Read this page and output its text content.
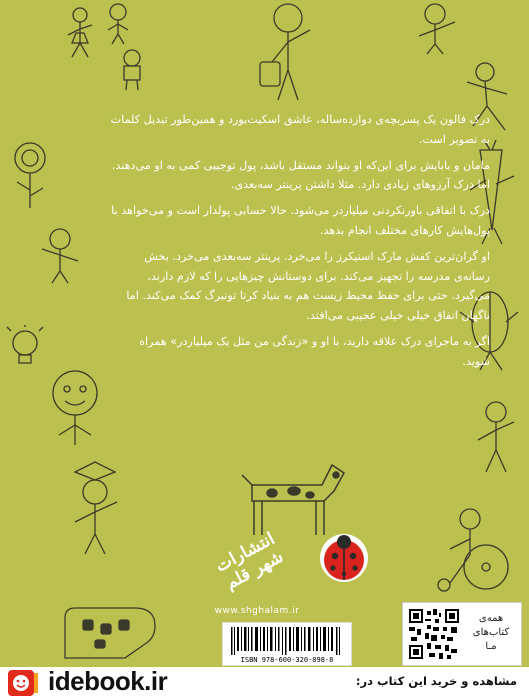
درک فالون یک پسربچه‌ی دوازده‌ساله، عاشق اسکیت‌بورد و همین‌طور تبدیل کلمات به تصویر است.

مامان و بابایش برای این‌که او بتواند مستقل باشد، پول توجیبی کمی به او می‌دهند. اما درک آرزوهای زیادی دارد. مثلا داشتن پرینتر سه‌بعدی.

درک با اتفاقی باورنکردنی میلیاردر می‌شود. حالا حسابی پولدار است و می‌خواهد با پول‌هایش کارهای مختلف انجام بدهد.

او گران‌ترین کفش مارک اسنیکرز را می‌خرد. پرینتر سه‌بعدی می‌خرد. بخش رسانه‌ی مدرسه را تجهیز می‌کند. برای دوستانش چیزهایی را که لازم دارند، می‌گیرد. حتی برای حفظ محیط زیست هم به بنیاد کرتا تونبرگ کمک می‌کند. اما ناگهان اتفاق خیلی خیلی عجیبی می‌افتد.

اگر به ماجرای درک علاقه دارید، با او و «زندگی من مثل یک میلیاردر» همراه شوید.

انتشارات شهر قلم
www.shghalam.ir
ISBN 978-600-320-898-8
همه‌ی
کتاب‌های
مـا
idebook.ir	مشاهده و خرید این کتاب در:
